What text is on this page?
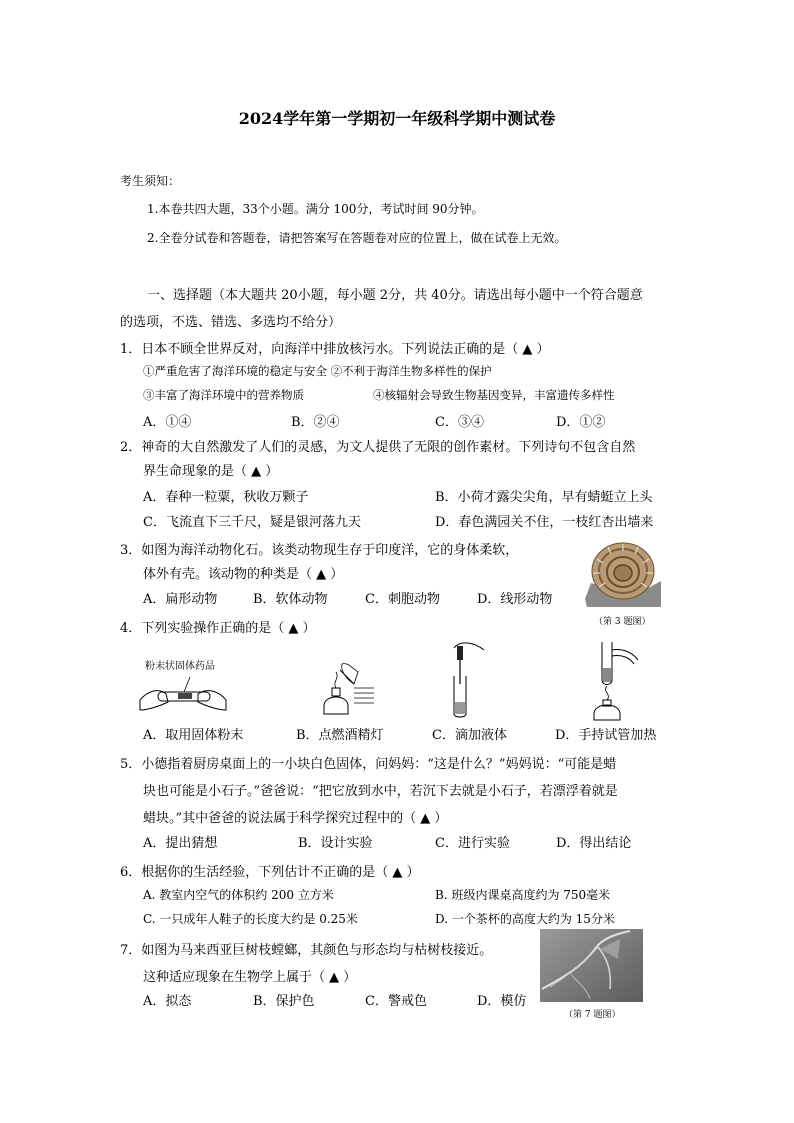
2024学年第一学期初一年级科学期中测试卷
考生须知：
1.本卷共四大题，33个小题。满分 100分，考试时间 90分钟。
2.全卷分试卷和答题卷，请把答案写在答题卷对应的位置上，做在试卷上无效。
一、选择题（本大题共 20小题，每小题 2分，共 40分。请选出每小题中一个符合题意
的选项，不选、错选、多选均不给分）
1．日本不顾全世界反对，向海洋中排放核污水。下列说法正确的是（ ▲ ）
①严重危害了海洋环境的稳定与安全 ②不利于海洋生物多样性的保护
③丰富了海洋环境中的营养物质	④核辐射会导致生物基因变异，丰富遗传多样性
A．①④	B．②④	C．③④	D．①②
2．神奇的大自然激发了人们的灵感，为文人提供了无限的创作素材。下列诗句不包含自然
界生命现象的是（ ▲ ）
A．春种一粒粟，秋收万颗子	B．小荷才露尖尖角，早有蜻蜓立上头
C．飞流直下三千尺，疑是银河落九天	D．春色满园关不住，一枝红杏出墙来
3．如图为海洋动物化石。该类动物现生存于印度洋，它的身体柔软，
体外有壳。该动物的种类是（ ▲ ）
A．扁形动物	B．软体动物	C．刺胞动物	D．线形动物
（第 3 题图）
4．下列实验操作正确的是（ ▲ ）
粉末状固体药品
A．取用固体粉末	B．点燃酒精灯	C．滴加液体	D．手持试管加热
5．小德指着厨房桌面上的一小块白色固体，问妈妈：“这是什么？”妈妈说：“可能是蜡
块也可能是小石子。”爸爸说：“把它放到水中，若沉下去就是小石子，若漂浮着就是
蜡块。”其中爸爸的说法属于科学探究过程中的（ ▲ ）
A．提出猜想	B．设计实验	C．进行实验	D．得出结论
6．根据你的生活经验，下列估计不正确的是（ ▲ ）
A. 教室内空气的体积约 200 立方米	B. 班级内课桌高度约为 750毫米
C. 一只成年人鞋子的长度大约是 0.25米	D. 一个茶杯的高度大约为 15分米
7．如图为马来西亚巨树枝螳螂，其颜色与形态均与枯树枝接近。
这种适应现象在生物学上属于（ ▲ ）
A．拟态	B．保护色	C．警戒色	D．模仿
（第 7 题图）
